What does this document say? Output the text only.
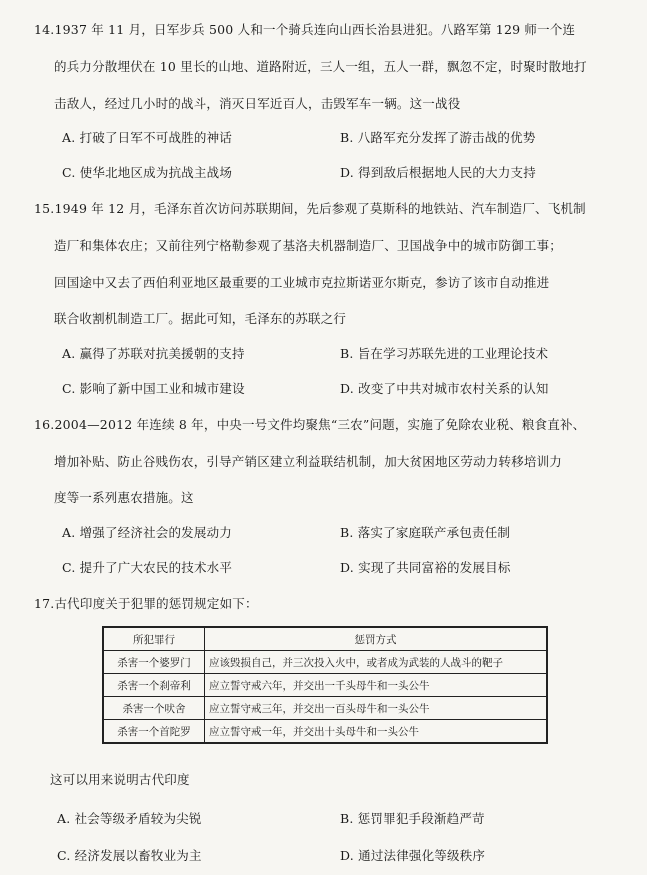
14.1937 年 11 月，日军步兵 500 人和一个骑兵连向山西长治县进犯。八路军第 129 师一个连
的兵力分散埋伏在 10 里长的山地、道路附近，三人一组，五人一群，飘忽不定，时聚时散地打
击敌人，经过几小时的战斗，消灭日军近百人，击毁军车一辆。这一战役
A. 打破了日军不可战胜的神话	B. 八路军充分发挥了游击战的优势
C. 使华北地区成为抗战主战场	D. 得到敌后根据地人民的大力支持
15.1949 年 12 月，毛泽东首次访问苏联期间，先后参观了莫斯科的地铁站、汽车制造厂、飞机制
造厂和集体农庄；又前往列宁格勒参观了基洛夫机器制造厂、卫国战争中的城市防御工事；
回国途中又去了西伯利亚地区最重要的工业城市克拉斯诺亚尔斯克，参访了该市自动推进
联合收割机制造工厂。据此可知，毛泽东的苏联之行
A. 赢得了苏联对抗美援朝的支持	B. 旨在学习苏联先进的工业理论技术
C. 影响了新中国工业和城市建设	D. 改变了中共对城市农村关系的认知
16.2004—2012 年连续 8 年，中央一号文件均聚焦“三农”问题，实施了免除农业税、粮食直补、
增加补贴、防止谷贱伤农，引导产销区建立利益联结机制，加大贫困地区劳动力转移培训力
度等一系列惠农措施。这
A. 增强了经济社会的发展动力	B. 落实了家庭联产承包责任制
C. 提升了广大农民的技术水平	D. 实现了共同富裕的发展目标
17.古代印度关于犯罪的惩罚规定如下：
所犯罪行	惩罚方式
杀害一个婆罗门	应该毁损自己，并三次投入火中，或者成为武装的人战斗的靶子
杀害一个刹帝利	应立誓守戒六年，并交出一千头母牛和一头公牛
杀害一个吠舍	应立誓守戒三年，并交出一百头母牛和一头公牛
杀害一个首陀罗	应立誓守戒一年，并交出十头母牛和一头公牛
这可以用来说明古代印度
A. 社会等级矛盾较为尖锐	B. 惩罚罪犯手段渐趋严苛
C. 经济发展以畜牧业为主	D. 通过法律强化等级秩序
